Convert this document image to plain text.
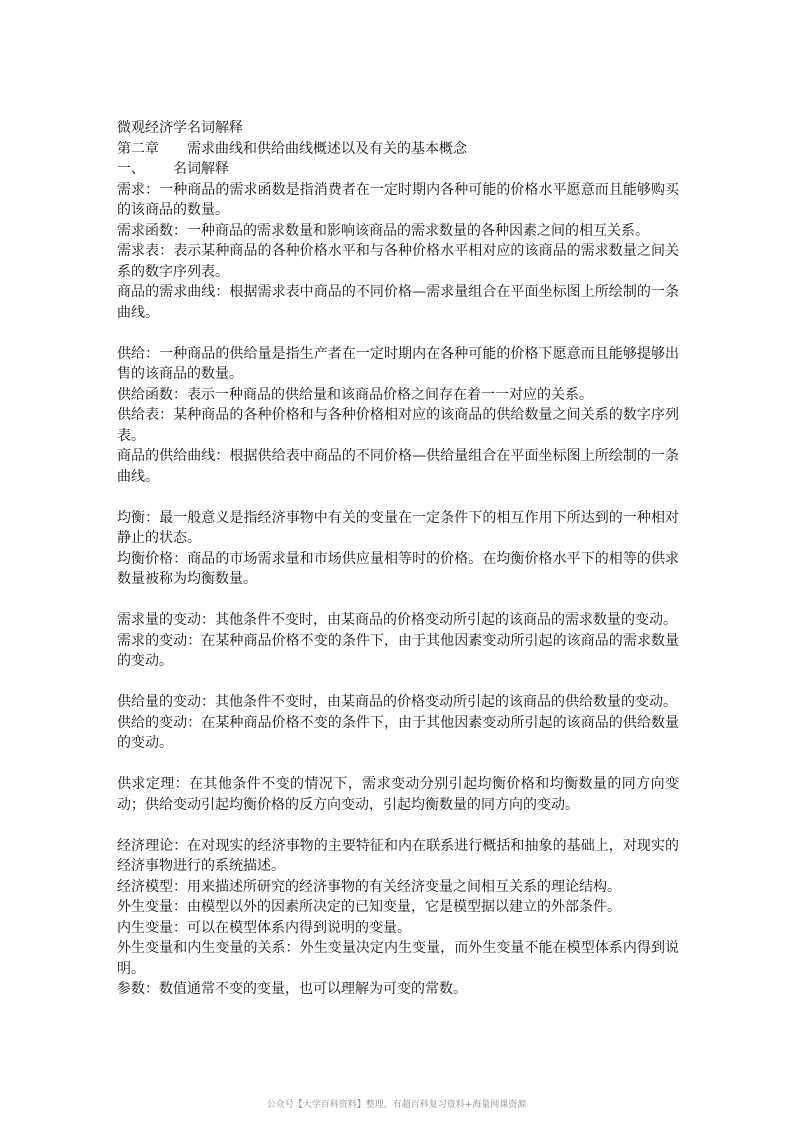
微观经济学名词解释

第二章 需求曲线和供给曲线概述以及有关的基本概念

一、 名词解释

需求：一种商品的需求函数是指消费者在一定时期内各种可能的价格水平愿意而且能够购买的该商品的数量。

需求函数：一种商品的需求数量和影响该商品的需求数量的各种因素之间的相互关系。

需求表：表示某种商品的各种价格水平和与各种价格水平相对应的该商品的需求数量之间关系的数字序列表。

商品的需求曲线：根据需求表中商品的不同价格—需求量组合在平面坐标图上所绘制的一条曲线。

供给：一种商品的供给量是指生产者在一定时期内在各种可能的价格下愿意而且能够提够出售的该商品的数量。

供给函数：表示一种商品的供给量和该商品价格之间存在着一一对应的关系。

供给表：某种商品的各种价格和与各种价格相对应的该商品的供给数量之间关系的数字序列表。

商品的供给曲线：根据供给表中商品的不同价格—供给量组合在平面坐标图上所绘制的一条曲线。

均衡：最一般意义是指经济事物中有关的变量在一定条件下的相互作用下所达到的一种相对静止的状态。

均衡价格：商品的市场需求量和市场供应量相等时的价格。在均衡价格水平下的相等的供求数量被称为均衡数量。

需求量的变动：其他条件不变时，由某商品的价格变动所引起的该商品的需求数量的变动。

需求的变动：在某种商品价格不变的条件下，由于其他因素变动所引起的该商品的需求数量的变动。

供给量的变动：其他条件不变时，由某商品的价格变动所引起的该商品的供给数量的变动。

供给的变动：在某种商品价格不变的条件下，由于其他因素变动所引起的该商品的供给数量的变动。

供求定理：在其他条件不变的情况下，需求变动分别引起均衡价格和均衡数量的同方向变动；供给变动引起均衡价格的反方向变动，引起均衡数量的同方向的变动。

经济理论：在对现实的经济事物的主要特征和内在联系进行概括和抽象的基础上，对现实的经济事物进行的系统描述。

经济模型：用来描述所研究的经济事物的有关经济变量之间相互关系的理论结构。

外生变量：由模型以外的因素所决定的已知变量，它是模型据以建立的外部条件。

内生变量：可以在模型体系内得到说明的变量。

外生变量和内生变量的关系：外生变量决定内生变量，而外生变量不能在模型体系内得到说明。

参数：数值通常不变的变量，也可以理解为可变的常数。

公众号【大学百科资料】整理，有超百科复习资料+海量网课资源
